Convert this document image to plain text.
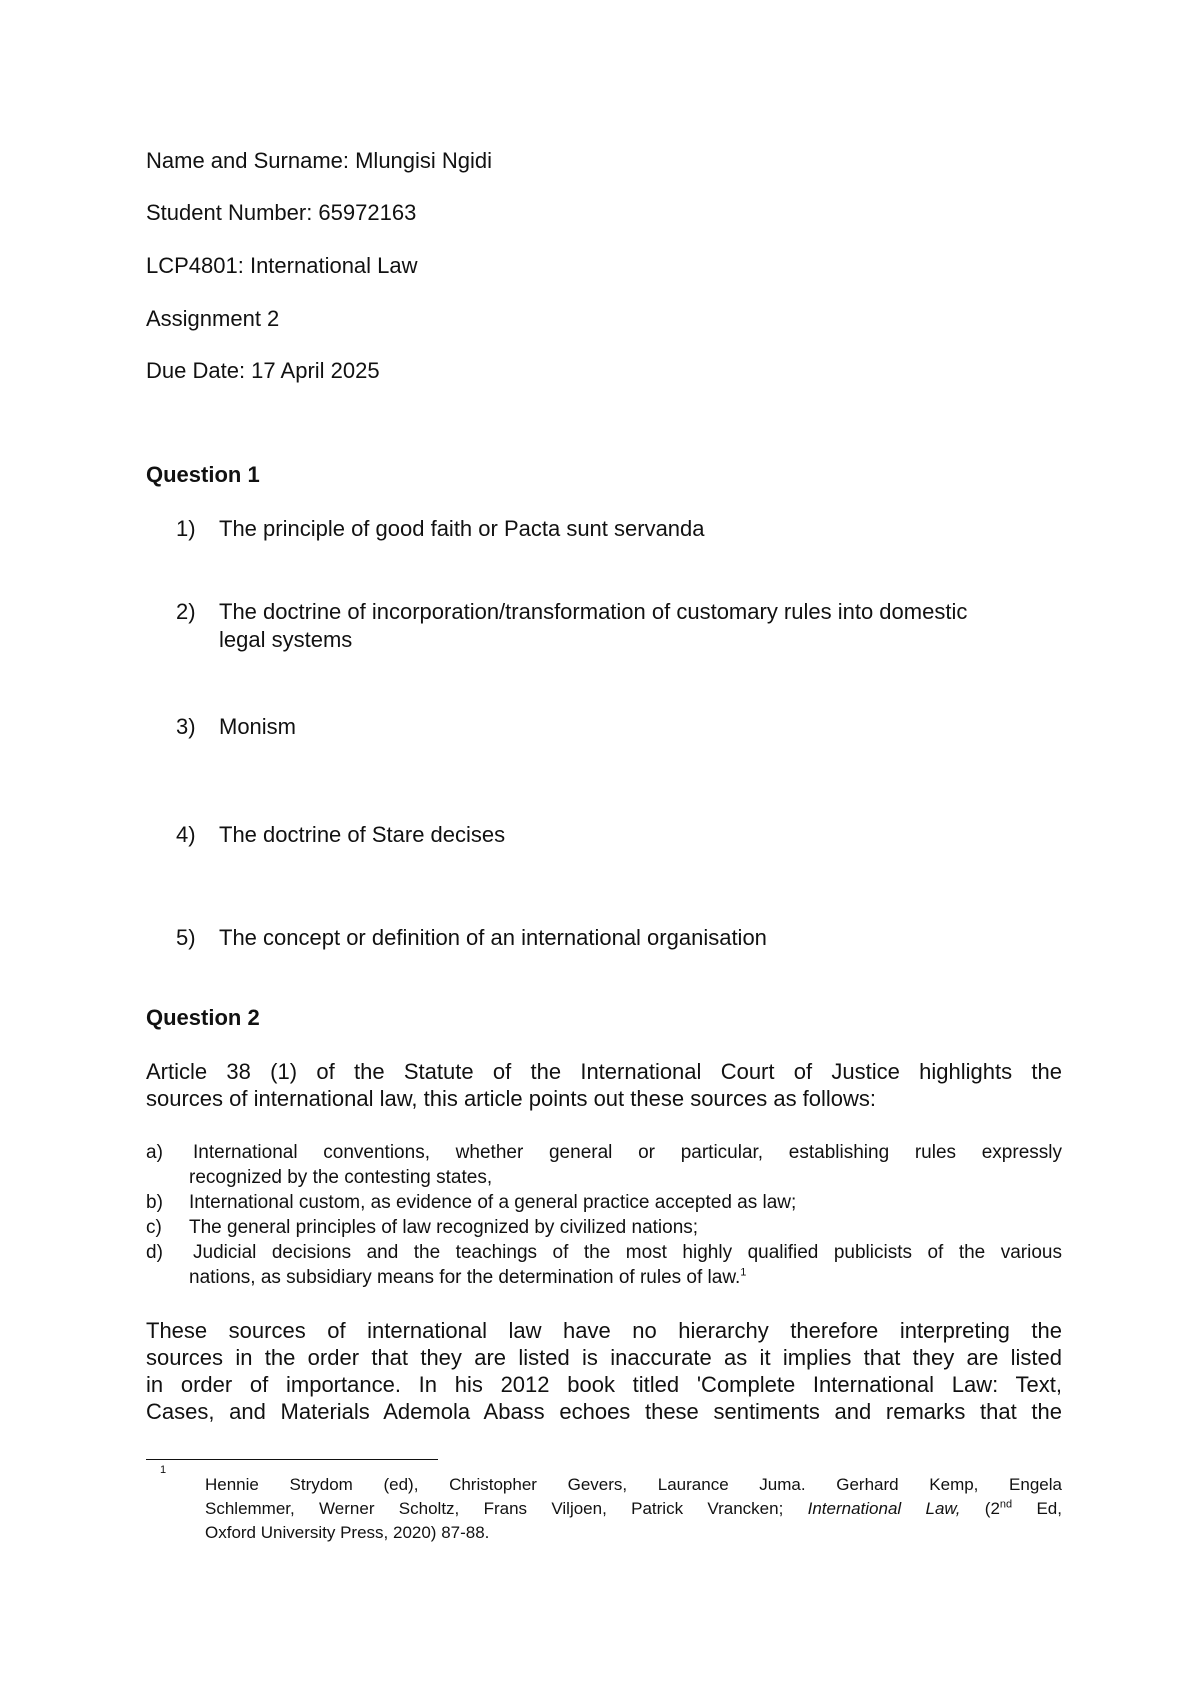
Name and Surname: Mlungisi Ngidi
Student Number: 65972163
LCP4801: International Law
Assignment 2
Due Date: 17 April 2025
Question 1
1) The principle of good faith or Pacta sunt servanda
2) The doctrine of incorporation/transformation of customary rules into domestic
legal systems
3) Monism
4) The doctrine of Stare decises
5) The concept or definition of an international organisation
Question 2
Article 38 (1) of the Statute of the International Court of Justice highlights the
sources of international law, this article points out these sources as follows:
a) International conventions, whether general or particular, establishing rules expressly
recognized by the contesting states,
b) International custom, as evidence of a general practice accepted as law;
c) The general principles of law recognized by civilized nations;
d) Judicial decisions and the teachings of the most highly qualified publicists of the various
nations, as subsidiary means for the determination of rules of law.$^1$
These sources of international law have no hierarchy therefore interpreting the
sources in the order that they are listed is inaccurate as it implies that they are listed
in order of importance. In his 2012 book titled 'Complete International Law: Text,
Cases, and Materials Ademola Abass echoes these sentiments and remarks that the
1
Hennie Strydom (ed), Christopher Gevers, Laurance Juma. Gerhard Kemp, Engela
Schlemmer, Werner Scholtz, Frans Viljoen, Patrick Vrancken; International Law, (2nd Ed,
Oxford University Press, 2020) 87-88.
